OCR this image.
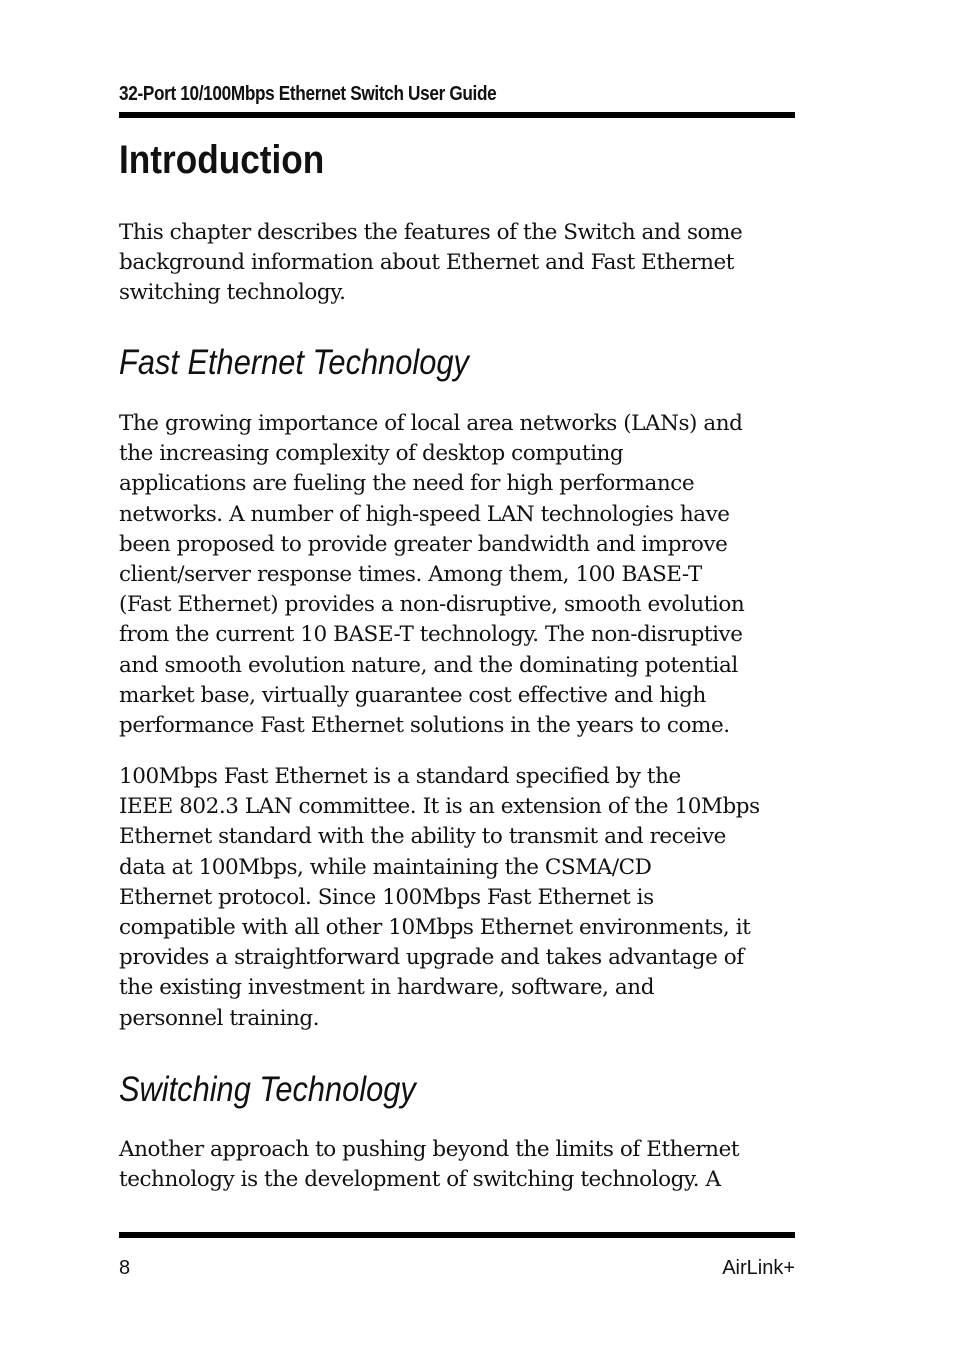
32-Port 10/100Mbps Ethernet Switch User Guide
Introduction

This chapter describes the features of the Switch and some
background information about Ethernet and Fast Ethernet
switching technology.

Fast Ethernet Technology

The growing importance of local area networks (LANs) and
the increasing complexity of desktop computing
applications are fueling the need for high performance
networks. A number of high-speed LAN technologies have
been proposed to provide greater bandwidth and improve
client/server response times. Among them, 100 BASE-T
(Fast Ethernet) provides a non-disruptive, smooth evolution
from the current 10 BASE-T technology. The non-disruptive
and smooth evolution nature, and the dominating potential
market base, virtually guarantee cost effective and high
performance Fast Ethernet solutions in the years to come.

100Mbps Fast Ethernet is a standard specified by the
IEEE 802.3 LAN committee. It is an extension of the 10Mbps
Ethernet standard with the ability to transmit and receive
data at 100Mbps, while maintaining the CSMA/CD
Ethernet protocol. Since 100Mbps Fast Ethernet is
compatible with all other 10Mbps Ethernet environments, it
provides a straightforward upgrade and takes advantage of
the existing investment in hardware, software, and
personnel training.

Switching Technology

Another approach to pushing beyond the limits of Ethernet
technology is the development of switching technology. A

8	AirLink+
